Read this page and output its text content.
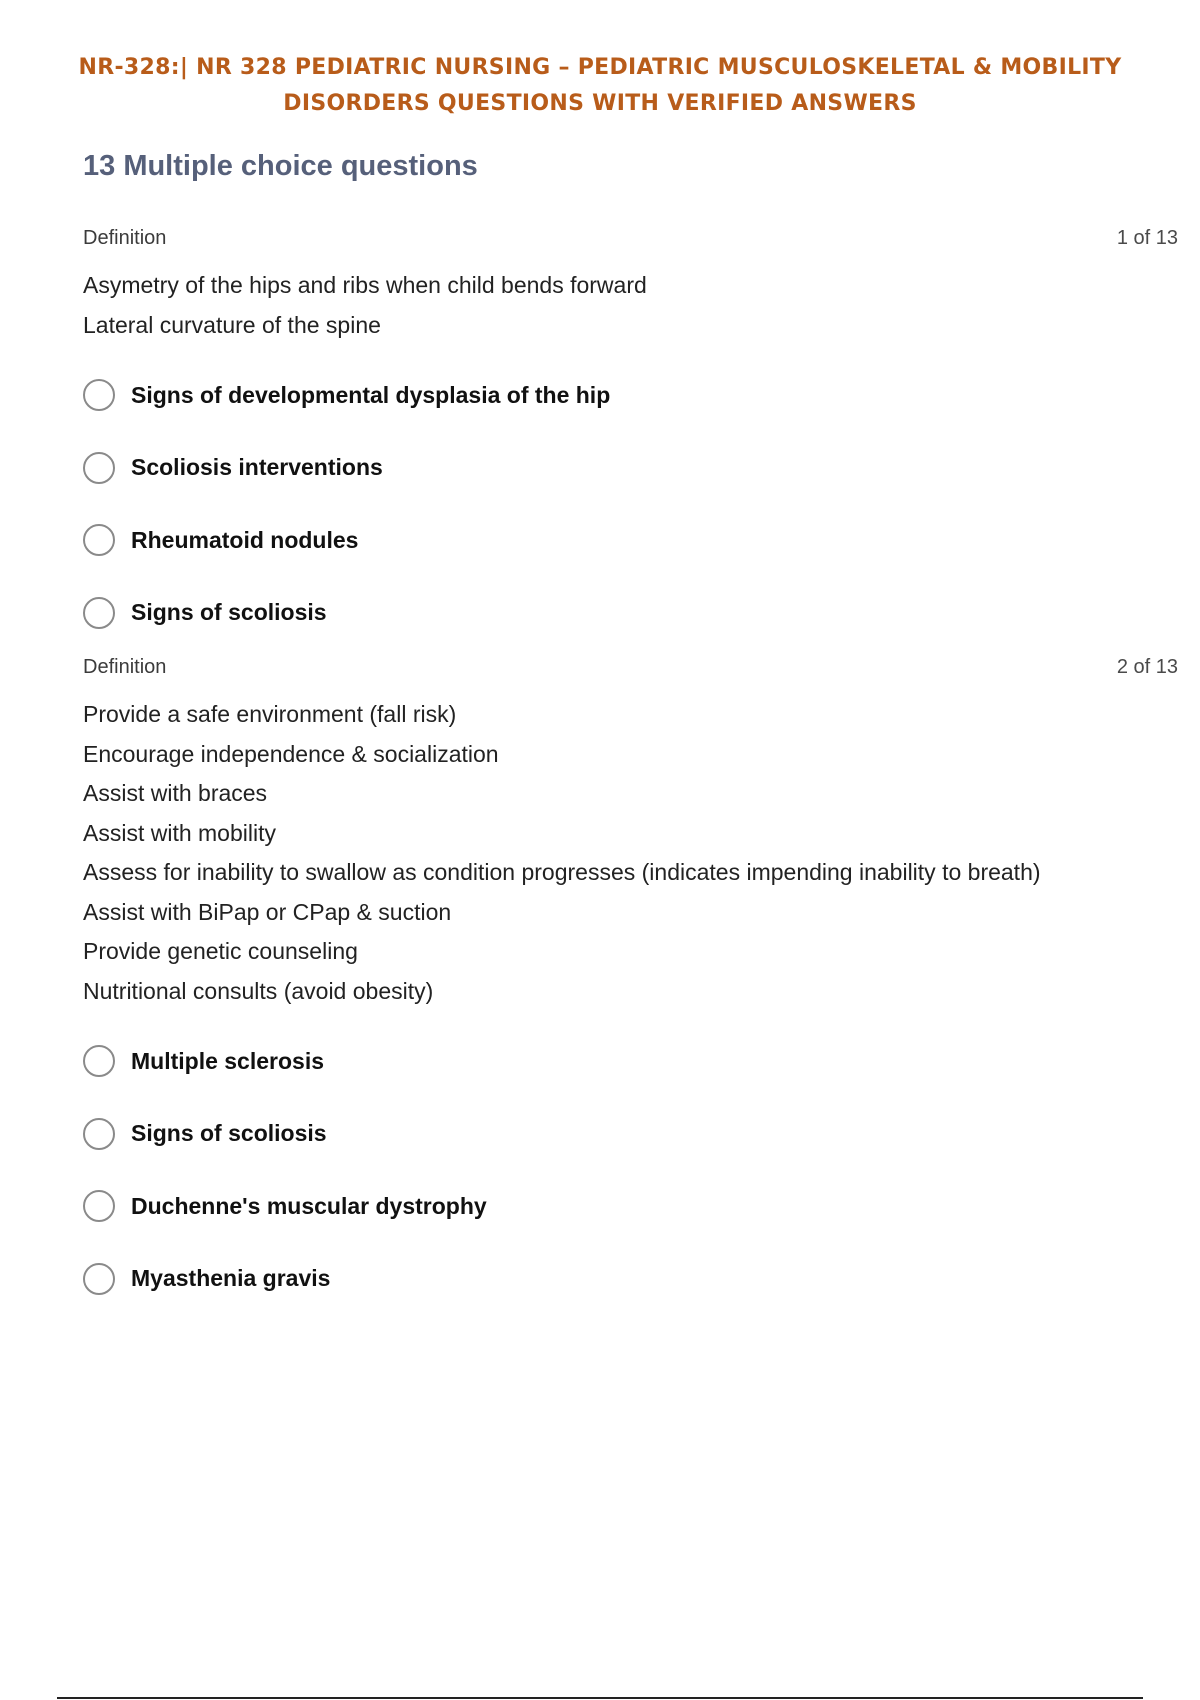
NR-328:| NR 328 PEDIATRIC NURSING – PEDIATRIC MUSCULOSKELETAL & MOBILITY
DISORDERS QUESTIONS WITH VERIFIED ANSWERS
13 Multiple choice questions
Definition	1 of 13
Asymetry of the hips and ribs when child bends forward
Lateral curvature of the spine
Signs of developmental dysplasia of the hip
Scoliosis interventions
Rheumatoid nodules
Signs of scoliosis
Definition	2 of 13
Provide a safe environment (fall risk)
Encourage independence & socialization
Assist with braces
Assist with mobility
Assess for inability to swallow as condition progresses (indicates impending inability to breath)
Assist with BiPap or CPap & suction
Provide genetic counseling
Nutritional consults (avoid obesity)
Multiple sclerosis
Signs of scoliosis
Duchenne's muscular dystrophy
Myasthenia gravis
